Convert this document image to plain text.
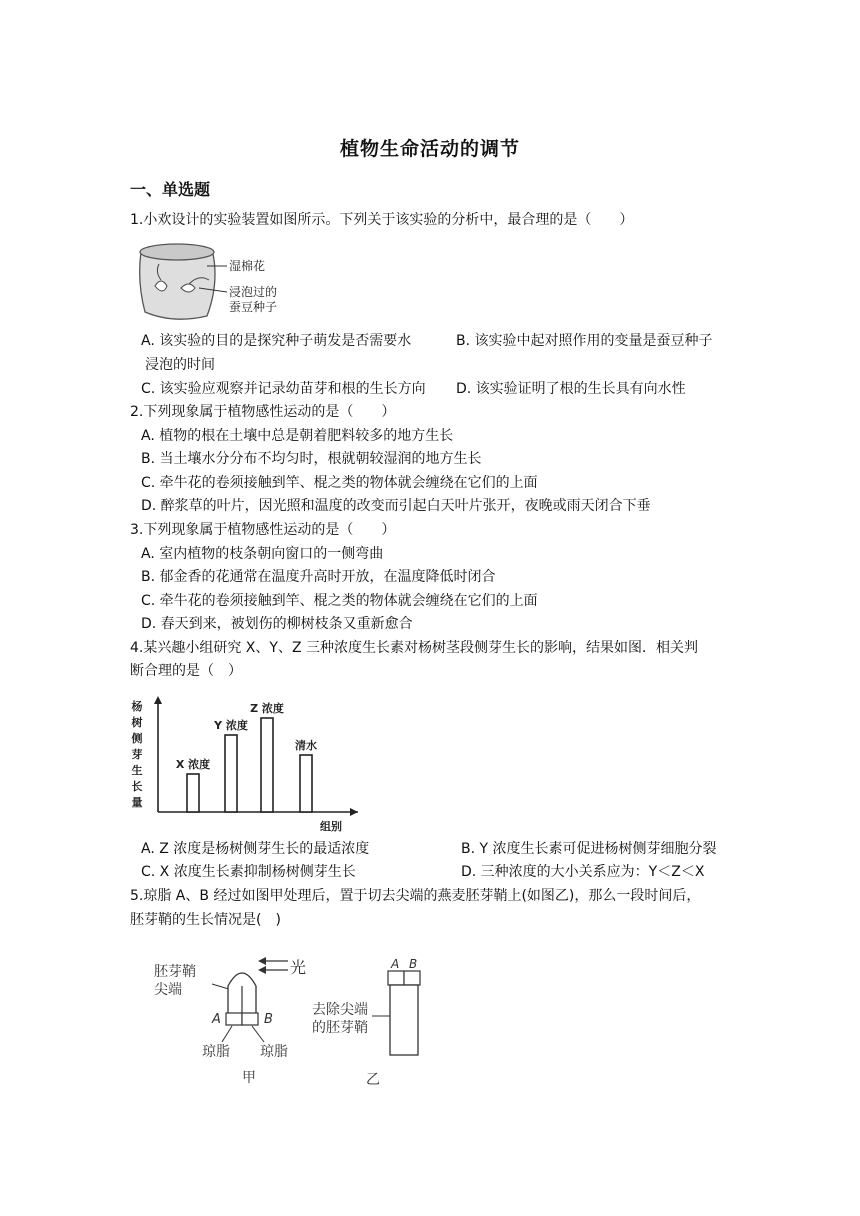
植物生命活动的调节
一、单选题
1.小欢设计的实验装置如图所示。下列关于该实验的分析中，最合理的是（　　）
湿棉花
浸泡过的
蚕豆种子
A. 该实验的目的是探究种子萌发是否需要水	B. 该实验中起对照作用的变量是蚕豆种子
浸泡的时间
C. 该实验应观察并记录幼苗芽和根的生长方向 D. 该实验证明了根的生长具有向水性
2.下列现象属于植物感性运动的是（　　）
A. 植物的根在土壤中总是朝着肥料较多的地方生长
B. 当土壤水分分布不均匀时，根就朝较湿润的地方生长
C. 牵牛花的卷须接触到竿、棍之类的物体就会缠绕在它们的上面
D. 醉浆草的叶片，因光照和温度的改变而引起白天叶片张开，夜晚或雨天闭合下垂
3.下列现象属于植物感性运动的是（　　）
A. 室内植物的枝条朝向窗口的一侧弯曲
B. 郁金香的花通常在温度升高时开放，在温度降低时闭合
C. 牵牛花的卷须接触到竿、棍之类的物体就会缠绕在它们的上面
D. 春天到来，被划伤的柳树枝条又重新愈合
4.某兴趣小组研究 X、Y、Z 三种浓度生长素对杨树茎段侧芽生长的影响，结果如图．相关判
断合理的是（　）
杨
树
侧
芽
生
长
量
组别
X 浓度
Y 浓度
Z 浓度
清水
A. Z 浓度是杨树侧芽生长的最适浓度	B. Y 浓度生长素可促进杨树侧芽细胞分裂
C. X 浓度生长素抑制杨树侧芽生长	D. 三种浓度的大小关系应为：Y＜Z＜X
5.琼脂 A、B 经过如图甲处理后，置于切去尖端的燕麦胚芽鞘上(如图乙)，那么一段时间后，
胚芽鞘的生长情况是(　)
光
胚芽鞘
尖端
A	B
琼脂 琼脂
甲
A B
去除尖端
的胚芽鞘
乙
